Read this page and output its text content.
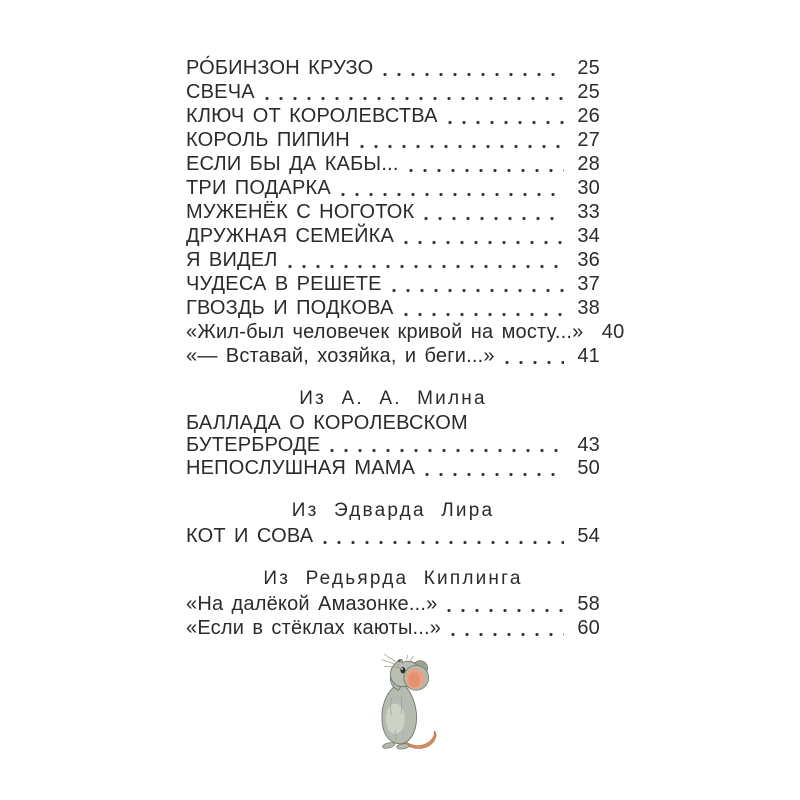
РО́БИНЗОН КРУЗО	25
СВЕЧА	25
КЛЮЧ ОТ КОРОЛЕВСТВА	26
КОРОЛЬ ПИПИН	27
ЕСЛИ БЫ ДА КАБЫ...	28
ТРИ ПОДАРКА	30
МУЖЕНЁК С НОГОТОК	33
ДРУЖНАЯ СЕМЕЙКА	34
Я ВИДЕЛ	36
ЧУДЕСА В РЕШЕТЕ	37
ГВОЗДЬ И ПОДКОВА	38
«Жил-был человечек кривой на мосту...» 40
«— Вставай, хозяйка, и беги...»	41
Из А. А. Милна
БАЛЛАДА О КОРОЛЕВСКОМ
БУТЕРБРОДЕ	43
НЕПОСЛУШНАЯ МАМА	50
Из Эдварда Лира
КОТ И СОВА	54
Из Редьярда Киплинга
«На далёкой Амазонке...»	58
«Если в стёклах каюты...»	60
